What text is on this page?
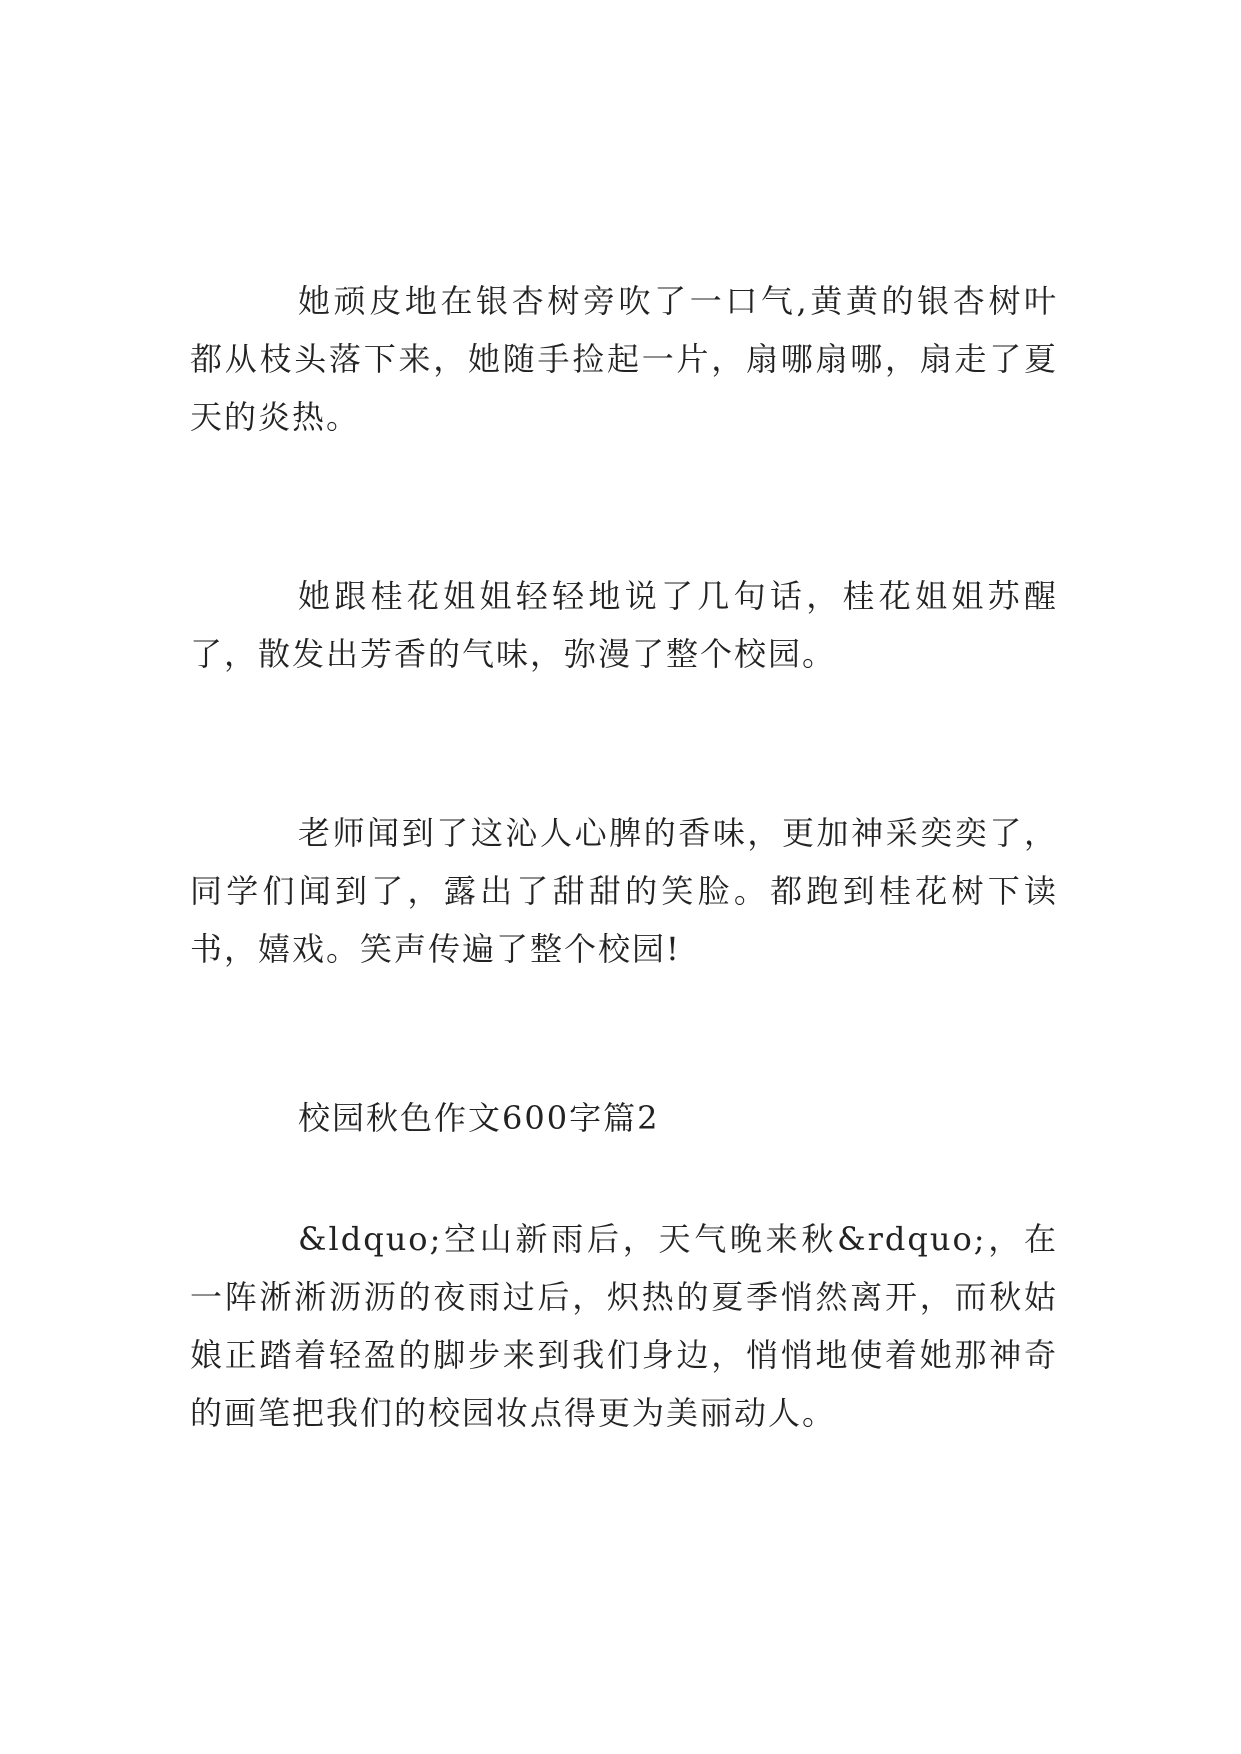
她顽皮地在银杏树旁吹了一口气,黄黄的银杏树叶都从枝头落下来，她随手捡起一片，扇哪扇哪，扇走了夏天的炎热。

她跟桂花姐姐轻轻地说了几句话，桂花姐姐苏醒了，散发出芳香的气味，弥漫了整个校园。

老师闻到了这沁人心脾的香味，更加神采奕奕了，同学们闻到了，露出了甜甜的笑脸。都跑到桂花树下读书，嬉戏。笑声传遍了整个校园!

校园秋色作文600字篇2

&ldquo;空山新雨后，天气晚来秋&rdquo;，在一阵淅淅沥沥的夜雨过后，炽热的夏季悄然离开，而秋姑娘正踏着轻盈的脚步来到我们身边，悄悄地使着她那神奇的画笔把我们的校园妆点得更为美丽动人。
